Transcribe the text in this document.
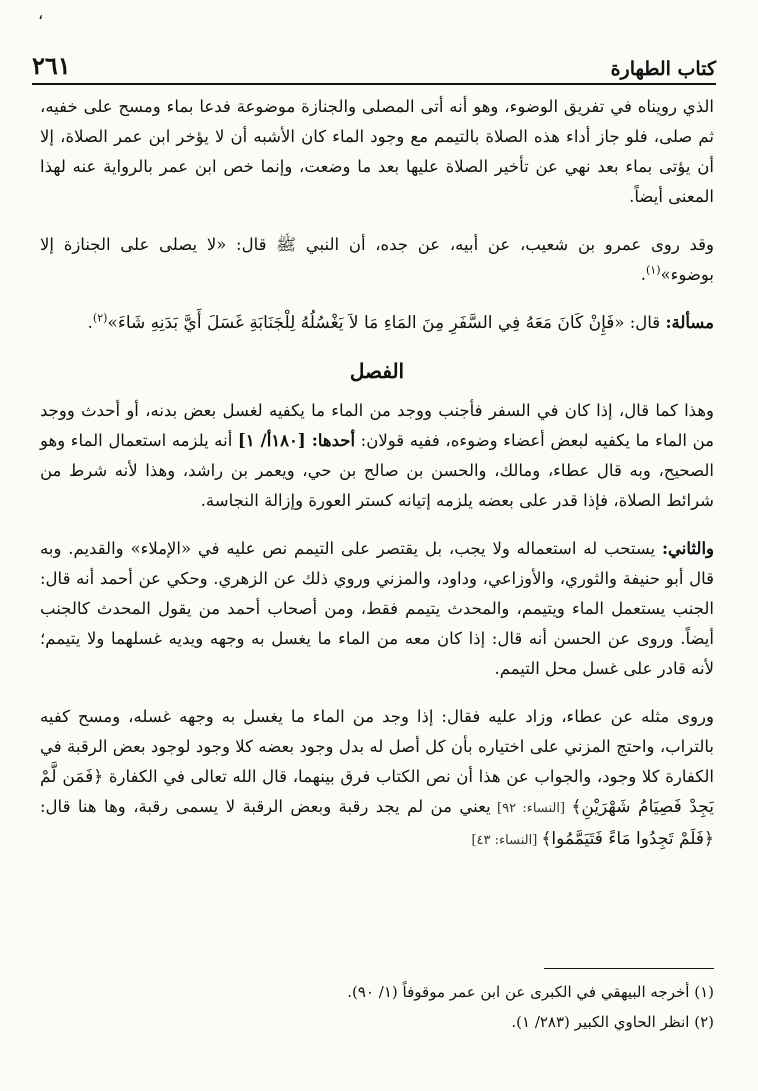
،
كتاب الطهارة
٢٦١

الذي رويناه في تفريق الوضوء، وهو أنه أتى المصلى والجنازة موضوعة فدعا بماء ومسح على خفيه، ثم صلى، فلو جاز أداء هذه الصلاة بالتيمم مع وجود الماء كان الأشبه أن لا يؤخر ابن عمر الصلاة، إلا أن يؤتى بماء بعد نهي عن تأخير الصلاة عليها بعد ما وضعت، وإنما خص ابن عمر بالرواية عنه لهذا المعنى أيضاً.

وقد روى عمرو بن شعيب، عن أبيه، عن جده، أن النبي ﷺ قال: «لا يصلى على الجنازة إلا بوضوء»$^{(١)}$.

مسألة: قال: «فَإِنْ كَانَ مَعَهُ فِي السَّفَرِ مِنَ المَاءِ مَا لاَ يَغْسُلُهُ لِلْجَنَابَةِ غَسَلَ أَيَّ بَدَنِهِ شَاءَ»$^{(٢)}$.

الفصل

وهذا كما قال، إذا كان في السفر فأجنب ووجد من الماء ما يكفيه لغسل بعض بدنه، أو أحدث ووجد من الماء ما يكفيه لبعض أعضاء وضوءه، ففيه قولان: أحدها: [١٨٠أ/ ١] أنه يلزمه استعمال الماء وهو الصحيح، وبه قال عطاء، ومالك، والحسن بن صالح بن حي، ويعمر بن راشد، وهذا لأنه شرط من شرائط الصلاة، فإذا قدر على بعضه يلزمه إتيانه كستر العورة وإزالة النجاسة.

والثاني: يستحب له استعماله ولا يجب، بل يقتصر على التيمم نص عليه في «الإملاء» والقديم. وبه قال أبو حنيفة والثوري، والأوزاعي، وداود، والمزني وروي ذلك عن الزهري. وحكي عن أحمد أنه قال: الجنب يستعمل الماء ويتيمم، والمحدث يتيمم فقط، ومن أصحاب أحمد من يقول المحدث كالجنب أيضاً. وروى عن الحسن أنه قال: إذا كان معه من الماء ما يغسل به وجهه ويديه غسلهما ولا يتيمم؛ لأنه قادر على غسل محل التيمم.

وروى مثله عن عطاء، وزاد عليه فقال: إذا وجد من الماء ما يغسل به وجهه غسله، ومسح كفيه بالتراب، واحتج المزني على اختياره بأن كل أصل له بدل وجود بعضه كلا وجود لوجود بعض الرقبة في الكفارة كلا وجود، والجواب عن هذا أن نص الكتاب فرق بينهما، قال الله تعالى في الكفارة ﴿فَمَن لَّمْ يَجِدْ فَصِيَامُ شَهْرَيْنِ﴾ [النساء: ٩٢] يعني من لم يجد رقبة وبعض الرقبة لا يسمى رقبة، وها هنا قال: ﴿فَلَمْ تَجِدُوا مَاءً فَتَيَمَّمُوا﴾ [النساء: ٤٣]

(١) أخرجه البيهقي في الكبرى عن ابن عمر موقوفاً (١/ ٩٠).
(٢) انظر الحاوي الكبير (٢٨٣/ ١).
